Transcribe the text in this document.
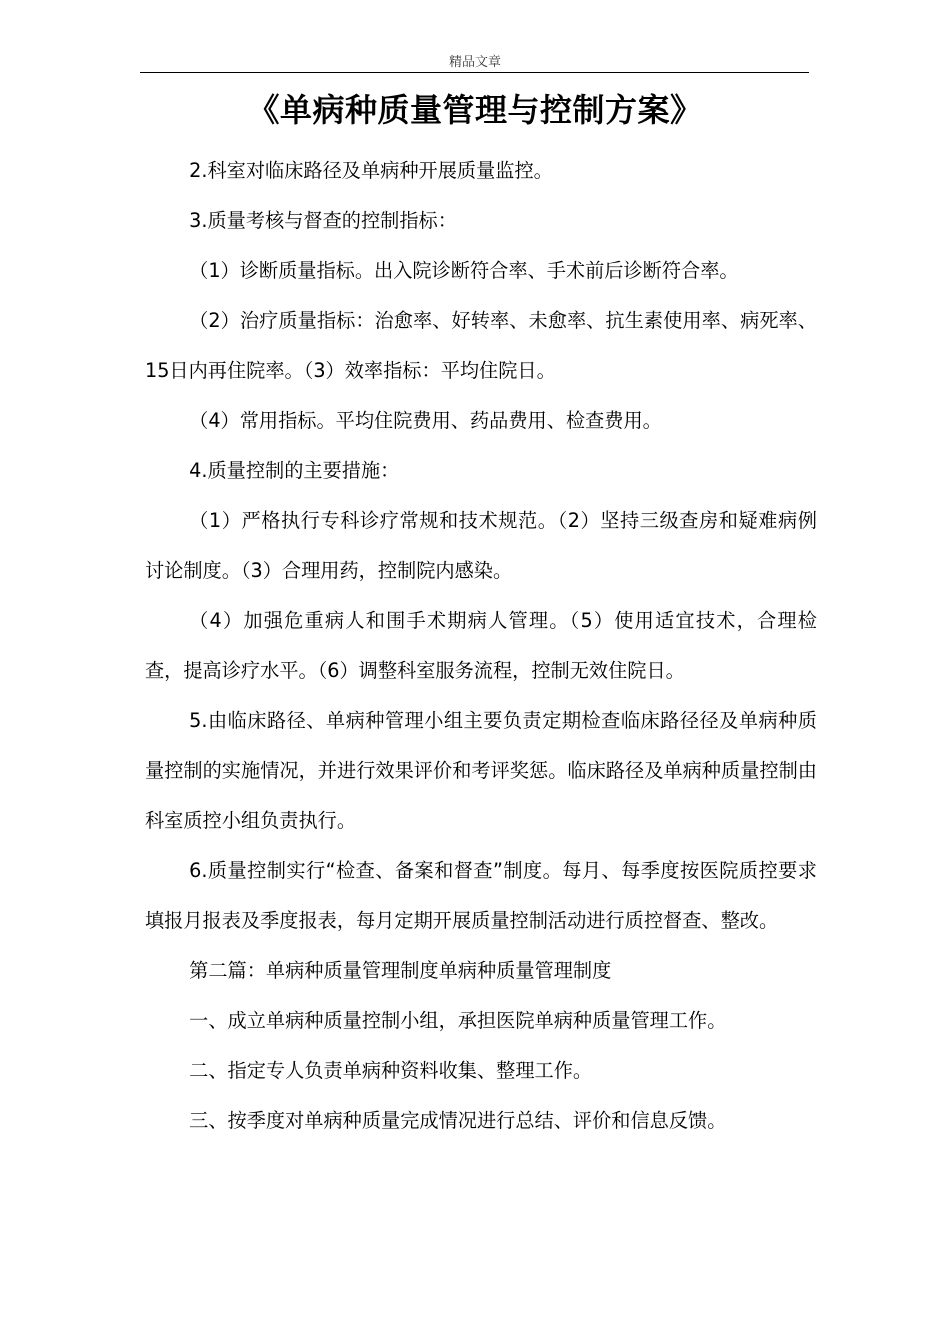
精品文章
《单病种质量管理与控制方案》

2.科室对临床路径及单病种开展质量监控。

3.质量考核与督查的控制指标：

（1）诊断质量指标。出入院诊断符合率、手术前后诊断符合率。

（2）治疗质量指标：治愈率、好转率、未愈率、抗生素使用率、病死率、15日内再住院率。（3）效率指标：平均住院日。

（4）常用指标。平均住院费用、药品费用、检查费用。

4.质量控制的主要措施：

（1）严格执行专科诊疗常规和技术规范。（2）坚持三级查房和疑难病例讨论制度。（3）合理用药，控制院内感染。

（4）加强危重病人和围手术期病人管理。（5）使用适宜技术，合理检查，提高诊疗水平。（6）调整科室服务流程，控制无效住院日。

5.由临床路径、单病种管理小组主要负责定期检查临床路径径及单病种质量控制的实施情况，并进行效果评价和考评奖惩。临床路径及单病种质量控制由科室质控小组负责执行。

6.质量控制实行“检查、备案和督查”制度。每月、每季度按医院质控要求填报月报表及季度报表，每月定期开展质量控制活动进行质控督查、整改。

第二篇：单病种质量管理制度单病种质量管理制度

一、成立单病种质量控制小组，承担医院单病种质量管理工作。

二、指定专人负责单病种资料收集、整理工作。

三、按季度对单病种质量完成情况进行总结、评价和信息反馈。
